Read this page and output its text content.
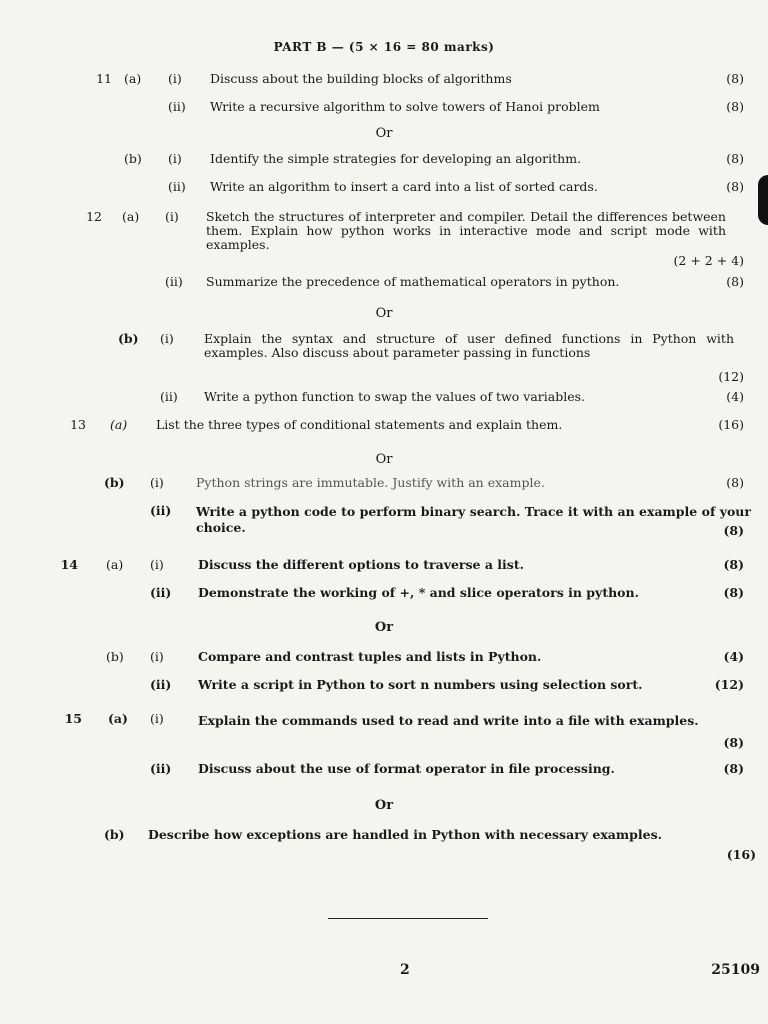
PART B — (5 × 16 = 80 marks)
11 (a) (i) Discuss about the building blocks of algorithms	(8)
(ii) Write a recursive algorithm to solve towers of Hanoi problem	(8)
Or
(b) (i) Identify the simple strategies for developing an algorithm.	(8)
(ii) Write an algorithm to insert a card into a list of sorted cards.	(8)
12 (a) (i) Sketch the structures of interpreter and compiler. Detail the differences between them. Explain how python works in interactive mode and script mode with examples.
(2 + 2 + 4)
(ii) Summarize the precedence of mathematical operators in python.	(8)
Or
(b) (i) Explain the syntax and structure of user defined functions in Python with examples. Also discuss about parameter passing in functions
(12)
(ii) Write a python function to swap the values of two variables.	(4)
13 (a) List the three types of conditional statements and explain them.	(16)
Or
(b) (i)	Python strings are immutable. Justify with an example.	(8)
(ii) Write a python code to perform binary search. Trace it with an example of your choice.	(8)
14 (a) (i)	Discuss the different options to traverse a list.	(8)
(ii) Demonstrate the working of +, * and slice operators in python.	(8)
Or
(b) (i)	Compare and contrast tuples and lists in Python.	(4)
(ii) Write a script in Python to sort n numbers using selection sort.	(12)
15 (a) (i)	Explain the commands used to read and write into a file with examples.
(8)
(ii) Discuss about the use of format operator in file processing.	(8)
Or
(b) Describe how exceptions are handled in Python with necessary examples.
(16)
2	25109
